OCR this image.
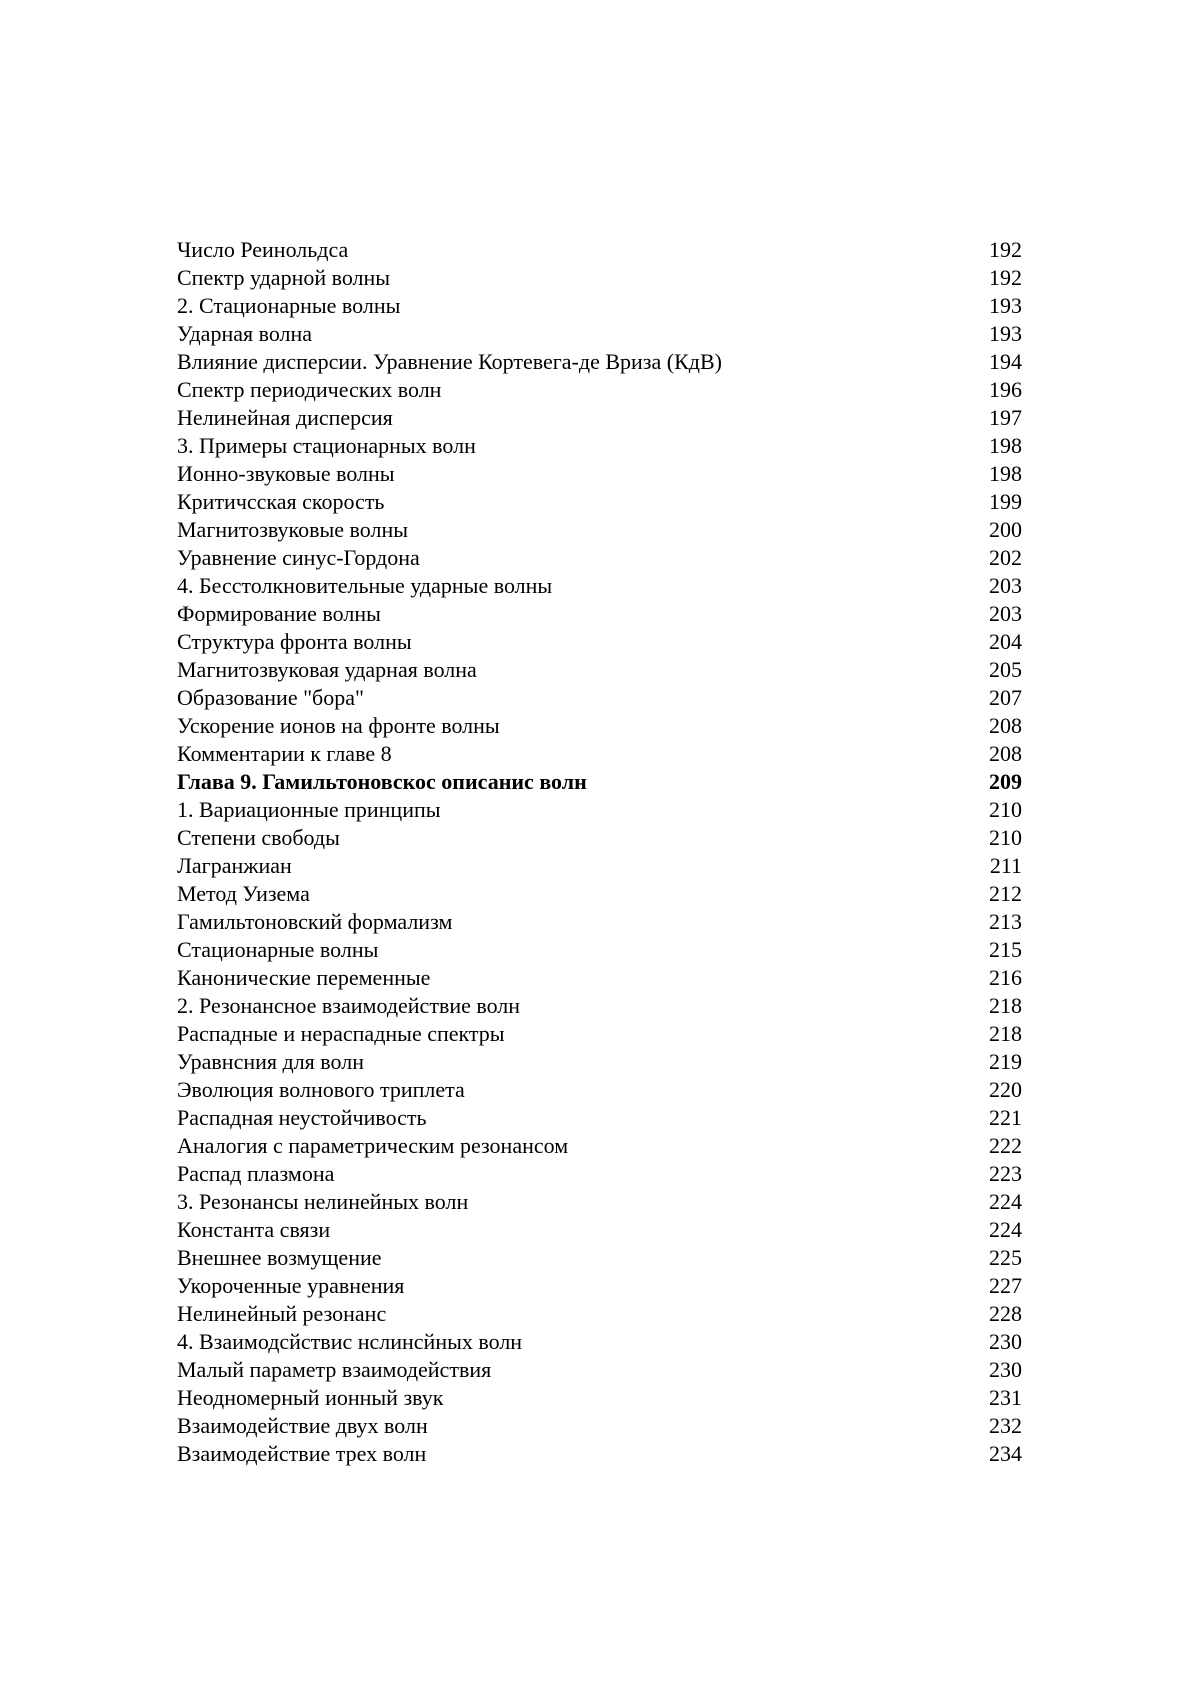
Число Реинольдса	192
Спектр ударной волны	192
2. Стационарные волны	193
Ударная волна	193
Влияние дисперсии. Уравнение Кортевега-де Вриза (КдВ)	194
Спектр периодических волн	196
Нелинейная дисперсия	197
3. Примеры стационарных волн	198
Ионно-звуковые волны	198
Критичсская скорость	199
Магнитозвуковые волны	200
Уравнение синус-Гордона	202
4. Бесстолкновительные ударные волны	203
Формирование волны	203
Структура фронта волны	204
Магнитозвуковая ударная волна	205
Образование "бора"	207
Ускорение ионов на фронте волны	208
Комментарии к главе 8	208
Глава 9. Гамильтоновскос описанис волн	209
1. Вариационные принципы	210
Степени свободы	210
Лагранжиан	211
Метод Уизема	212
Гамильтоновский формализм	213
Стационарные волны	215
Канонические переменные	216
2. Резонансное взаимодействие волн	218
Распадные и нераспадные спектры	218
Уравнсния для волн	219
Эволюция волнового триплета	220
Распадная неустойчивость	221
Аналогия с параметрическим резонансом	222
Распад плазмона	223
3. Резонансы нелинейных волн	224
Константа связи	224
Внешнее возмущение	225
Укороченные уравнения	227
Нелинейный резонанс	228
4. Взаимодсйствис нслинсйных волн	230
Малый параметр взаимодействия	230
Неодномерный ионный звук	231
Взаимодействие двух волн	232
Взаимодействие трех волн	234
